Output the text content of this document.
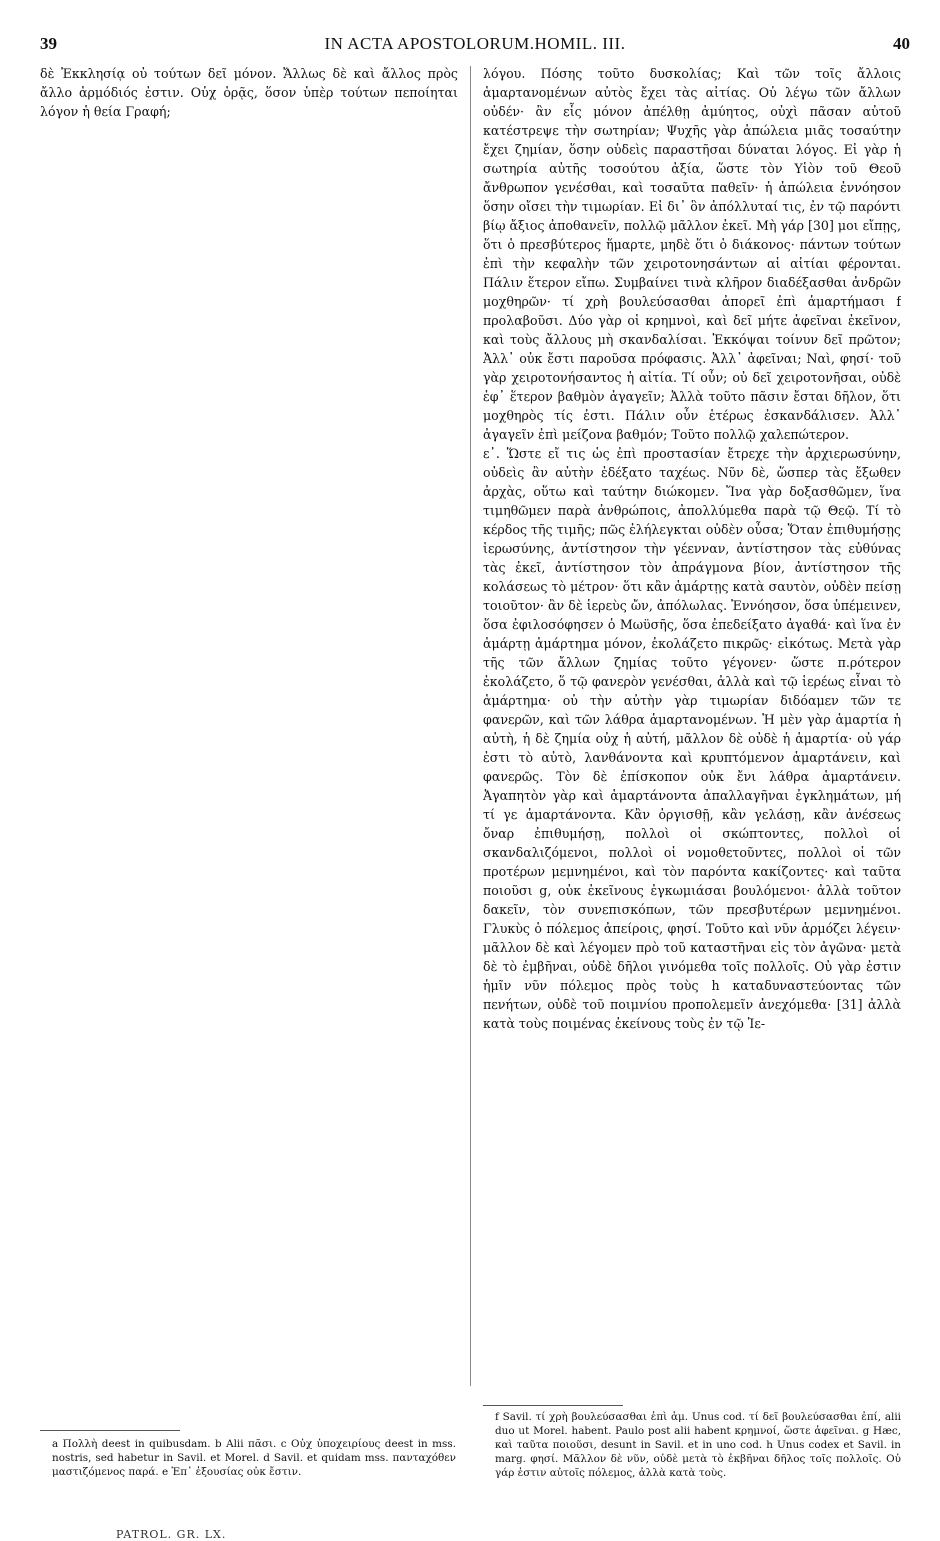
39	IN ACTA APOSTOLORUM.HOMIL. III.	40

δὲ Ἐκκλησίᾳ οὐ τούτων δεῖ μόνον. Ἄλλως δὲ καὶ ἄλλος πρὸς ἄλλο ἁρμόδιός ἐστιν. Οὐχ ὁρᾷς, ὅσον ὑπὲρ τούτων πεποίηται λόγον ἡ θεία Γραφή;

λόγου. Πόσης τοῦτο δυσκολίας; Καὶ τῶν τοῖς ἄλλοις ἁμαρτανομένων αὐτὸς ἔχει τὰς αἰτίας. Οὐ λέγω τῶν ἄλλων οὐδέν· ἂν εἷς μόνον ἀπέλθῃ ἀμύητος, οὐχὶ πᾶσαν αὐτοῦ κατέστρεψε τὴν σωτηρίαν; Ψυχῆς γὰρ ἀπώλεια μιᾶς τοσαύτην ἔχει ζημίαν, ὅσην οὐδεὶς παραστῆσαι δύναται λόγος. Εἰ γὰρ ἡ σωτηρία αὐτῆς τοσούτου ἀξία, ὥστε τὸν Υἱὸν τοῦ Θεοῦ ἄνθρωπον γενέσθαι, καὶ τοσαῦτα παθεῖν· ἡ ἀπώλεια ἐννόησον ὅσην οἴσει τὴν τιμωρίαν. Εἰ δι᾽ ὃν ἀπόλλυταί τις, ἐν τῷ παρόντι βίῳ ἄξιος ἀποθανεῖν, πολλῷ μᾶλλον ἐκεῖ. Μὴ γάρ [30] μοι εἴπῃς, ὅτι ὁ πρεσβύτερος ἥμαρτε, μηδὲ ὅτι ὁ διάκονος· πάντων τούτων ἐπὶ τὴν κεφαλὴν τῶν χειροτονησάντων αἱ αἰτίαι φέρονται. Πάλιν ἕτερον εἴπω. Συμβαίνει τινὰ κλῆρον διαδέξασθαι ἀνδρῶν μοχθηρῶν· τί χρὴ βουλεύσασθαι ἀπορεῖ ἐπὶ ἁμαρτήμασι f προλαβοῦσι. Δύο γὰρ οἱ κρημνοὶ, καὶ δεῖ μήτε ἀφεῖναι ἐκεῖνον, καὶ τοὺς ἄλλους μὴ σκανδαλίσαι. Ἐκκόψαι τοίνυν δεῖ πρῶτον; Ἀλλ᾽ οὐκ ἔστι παροῦσα πρόφασις. Ἀλλ᾽ ἀφεῖναι; Ναὶ, φησί· τοῦ γὰρ χειροτονήσαντος ἡ αἰτία. Τί οὖν; οὐ δεῖ χειροτονῆσαι, οὐδὲ ἐφ᾽ ἕτερον βαθμὸν ἀγαγεῖν; Ἀλλὰ τοῦτο πᾶσιν ἔσται δῆλον, ὅτι μοχθηρὸς τίς ἐστι. Πάλιν οὖν ἑτέρως ἐσκανδάλισεν. Ἀλλ᾽ ἀγαγεῖν ἐπὶ μείζονα βαθμόν; Τοῦτο πολλῷ χαλεπώτερον.

ε᾽. Ὥστε εἴ τις ὡς ἐπὶ προστασίαν ἔτρεχε τὴν ἀρχιερωσύνην, οὐδεὶς ἂν αὐτὴν ἐδέξατο ταχέως. Νῦν δὲ, ὥσπερ τὰς ἔξωθεν ἀρχὰς, οὕτω καὶ ταύτην διώκομεν. Ἵνα γὰρ δοξασθῶμεν, ἵνα τιμηθῶμεν παρὰ ἀνθρώποις, ἀπολλύμεθα παρὰ τῷ Θεῷ. Τί τὸ κέρδος τῆς τιμῆς; πῶς ἐλήλεγκται οὐδὲν οὖσα; Ὅταν ἐπιθυμήσῃς ἱερωσύνης, ἀντίστησον τὴν γέενναν, ἀντίστησον τὰς εὐθύνας τὰς ἐκεῖ, ἀντίστησον τὸν ἀπράγμονα βίον, ἀντίστησον τῆς κολάσεως τὸ μέτρον· ὅτι κἂν ἁμάρτῃς κατὰ σαυτὸν, οὐδὲν πείσῃ τοιοῦτον· ἂν δὲ ἱερεὺς ὤν, ἀπόλωλας. Ἐννόησον, ὅσα ὑπέμεινεν, ὅσα ἐφιλοσόφησεν ὁ Μωϋσῆς, ὅσα ἐπεδείξατο ἀγαθά· καὶ ἵνα ἐν ἁμάρτῃ ἁμάρτημα μόνον, ἐκολάζετο πικρῶς· εἰκότως. Μετὰ γὰρ τῆς τῶν ἄλλων ζημίας τοῦτο γέγονεν· ὥστε π.ρότερον ἐκολάζετο, ὅ τῷ φανερὸν γενέσθαι, ἀλλὰ καὶ τῷ ἱερέως εἶναι τὸ ἁμάρτημα· οὐ τὴν αὐτὴν γὰρ τιμωρίαν διδόαμεν τῶν τε φανερῶν, καὶ τῶν λάθρα ἁμαρτανομένων. Ἡ μὲν γὰρ ἁμαρτία ἡ αὐτὴ, ἡ δὲ ζημία οὐχ ἡ αὐτή, μᾶλλον δὲ οὐδὲ ἡ ἁμαρτία· οὐ γάρ ἐστι τὸ αὐτὸ, λανθάνοντα καὶ κρυπτόμενον ἁμαρτάνειν, καὶ φανερῶς. Τὸν δὲ ἐπίσκοπον οὐκ ἔνι λάθρα ἁμαρτάνειν. Ἀγαπητὸν γὰρ καὶ ἁμαρτάνοντα ἀπαλλαγῆναι ἐγκλημάτων, μή τί γε ἁμαρτάνοντα. Κἂν ὀργισθῇ, κἂν γελάσῃ, κἂν ἀνέσεως ὄναρ ἐπιθυμήσῃ, πολλοὶ οἱ σκώπτοντες, πολλοὶ οἱ σκανδαλιζόμενοι, πολλοὶ οἱ νομοθετοῦντες, πολλοὶ οἱ τῶν προτέρων μεμνημένοι, καὶ τὸν παρόντα κακίζοντες· καὶ ταῦτα ποιοῦσι g, οὐκ ἐκεῖνους ἐγκωμιάσαι βουλόμενοι· ἀλλὰ τοῦτον δακεῖν, τὸν συνεπισκόπων, τῶν πρεσβυτέρων μεμνημένοι. Γλυκὺς ὁ πόλεμος ἀπείροις, φησί. Τοῦτο καὶ νῦν ἁρμόζει λέγειν· μᾶλλον δὲ καὶ λέγομεν πρὸ τοῦ καταστῆναι εἰς τὸν ἀγῶνα· μετὰ δὲ τὸ ἐμβῆναι, οὐδὲ δῆλοι γινόμεθα τοῖς πολλοῖς. Οὐ γὰρ ἐστιν ἡμῖν νῦν πόλεμος πρὸς τοὺς h καταδυναστεύοντας τῶν πενήτων, οὐδὲ τοῦ ποιμνίου προπολεμεῖν ἀνεχόμεθα· [31] ἀλλὰ κατὰ τοὺς ποιμένας ἐκείνους τοὺς ἐν τῷ Ἰε-

a Πολλὴ deest in quibusdam. b Alii πᾶσι. c Οὐχ ὑποχειρίους deest in mss. nostris, sed habetur in Savil. et Morel. d Savil. et quidam mss. πανταχόθεν μαστιζόμενος παρά. e Ἐπ᾽ ἐξουσίας οὐκ ἔστιν.
f Savil. τί χρὴ βουλεύσασθαι ἐπὶ ἁμ. Unus cod. τί δεῖ βουλεύσασθαι ἐπί, alii duo ut Morel. habent. Paulo post alii habent κρημνοί, ὥστε ἀφεῖναι. g Hæc, καὶ ταῦτα ποιοῦσι, desunt in Savil. et in uno cod. h Unus codex et Savil. in marg. φησί. Μᾶλλον δὲ νῦν, οὐδὲ μετὰ τὸ ἐκβῆναι δῆλος τοῖς πολλοῖς. Οὐ γάρ ἐστιν αὐτοῖς πόλεμος, ἀλλὰ κατὰ τοὺς.
PATROL. GR. LX.
